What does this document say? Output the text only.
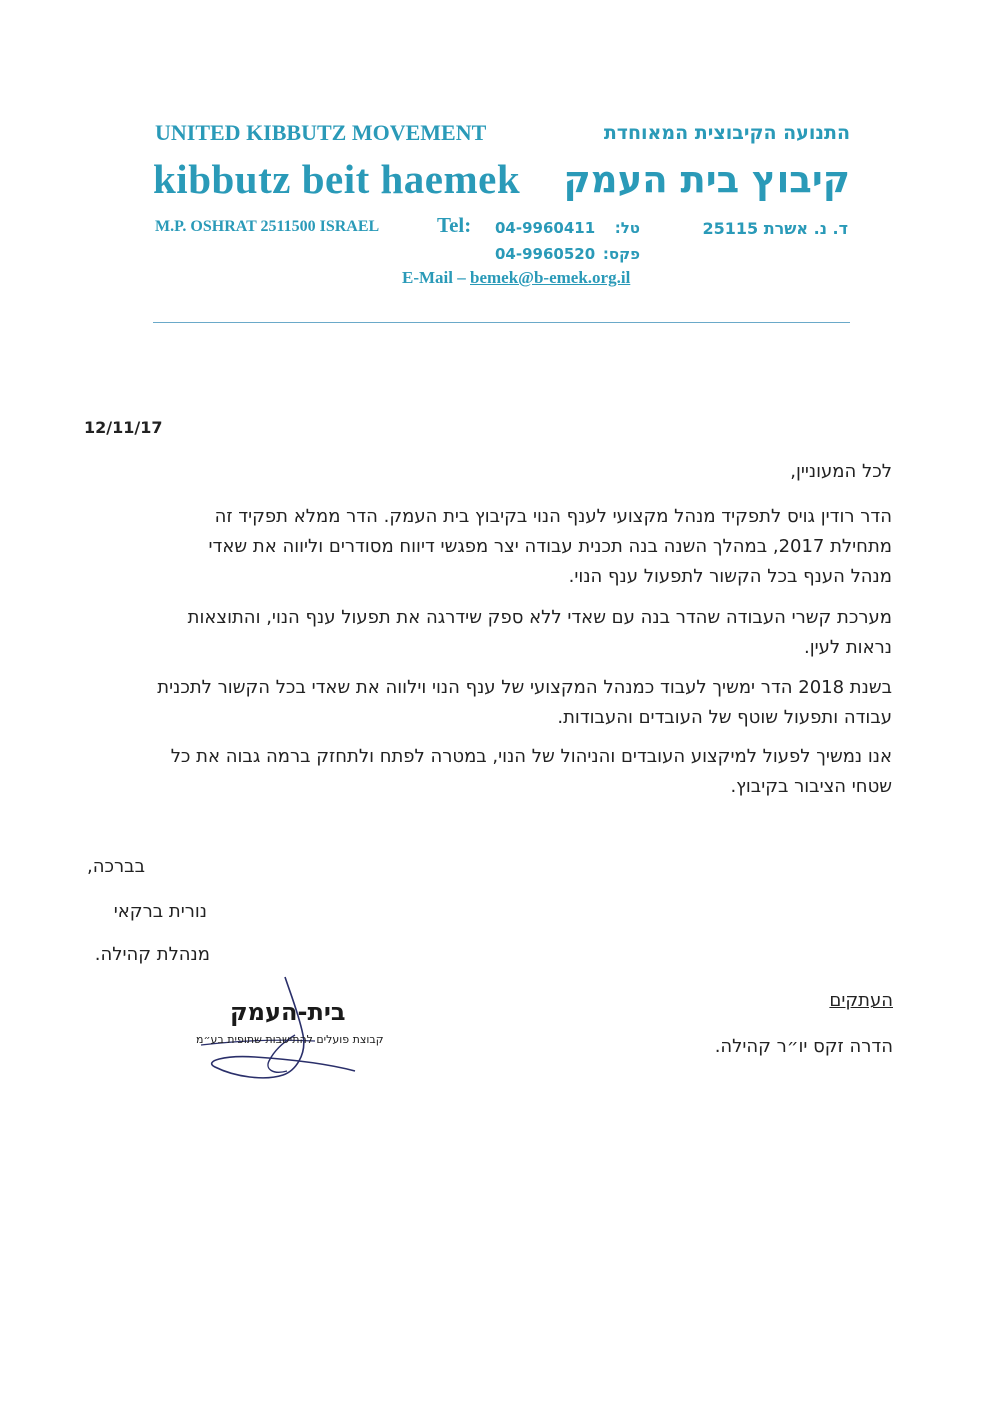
UNITED KIBBUTZ MOVEMENT	התנועה הקיבוצית המאוחדת
kibbutz beit haemek קיבוץ בית העמק
M.P. OSHRAT 2511500 ISRAEL	Tel: 04-9960411	טל:	ד. נ. אשרת 25115
04-9960520 פקס:
E-Mail – bemek@b-emek.org.il
12/11/17
לכל המעוניין,
הדר רודין גויס לתפקיד מנהל מקצועי לענף הנוי בקיבוץ בית העמק. הדר ממלא תפקיד זה
מתחילת 2017, במהלך השנה בנה תכנית עבודה יצר מפגשי דיווח מסודרים וליווה את שאדי
מנהל הענף בכל הקשור לתפעול ענף הנוי.
מערכת קשרי העבודה שהדר בנה עם שאדי ללא ספק שידרגה את תפעול ענף הנוי, והתוצאות
נראות לעין.
בשנת 2018 הדר ימשיך לעבוד כמנהל המקצועי של ענף הנוי וילווה את שאדי בכל הקשור לתכנית
עבודה ותפעול שוטף של העובדים והעבודות.
אנו נמשיך לפעול למיקצוע העובדים והניהול של הנוי, במטרה לפתח ולתחזק ברמה גבוה את כל
שטחי הציבור בקיבוץ.
בברכה,
נורית ברקאי
מנהלת קהילה.
העתקים
הדרה זקס יו״ר קהילה.
בית-העמק
קבוצת פועלים להתישבות שתופית בע״מ
